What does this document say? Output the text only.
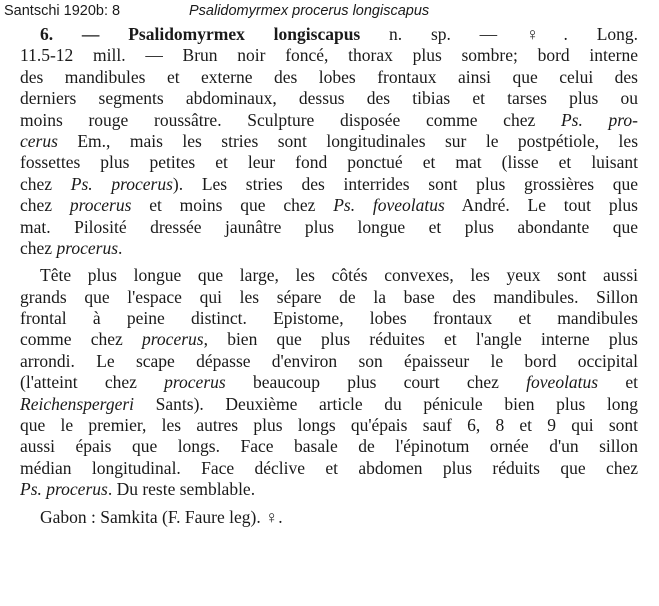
Santschi 1920b: 8	Psalidomyrmex procerus longiscapus
6. — Psalidomyrmex longiscapus n. sp. — ♀. Long.
11.5-12 mill. — Brun noir foncé, thorax plus sombre; bord interne
des mandibules et externe des lobes frontaux ainsi que celui des
derniers segments abdominaux, dessus des tibias et tarses plus ou
moins rouge roussâtre. Sculpture disposée comme chez Ps. pro-
cerus Em., mais les stries sont longitudinales sur le postpétiole, les
fossettes plus petites et leur fond ponctué et mat (lisse et luisant
chez Ps. procerus). Les stries des interrides sont plus grossières que
chez procerus et moins que chez Ps. foveolatus André. Le tout plus
mat. Pilosité dressée jaunâtre plus longue et plus abondante que
chez procerus.
Tête plus longue que large, les côtés convexes, les yeux sont aussi
grands que l'espace qui les sépare de la base des mandibules. Sillon
frontal à peine distinct. Epistome, lobes frontaux et mandibules
comme chez procerus, bien que plus réduites et l'angle interne plus
arrondi. Le scape dépasse d'environ son épaisseur le bord occipital
(l'atteint chez procerus beaucoup plus court chez foveolatus et
Reichenspergeri Sants). Deuxième article du pénicule bien plus long
que le premier, les autres plus longs qu'épais sauf 6, 8 et 9 qui sont
aussi épais que longs. Face basale de l'épinotum ornée d'un sillon
médian longitudinal. Face déclive et abdomen plus réduits que chez
Ps. procerus. Du reste semblable.
Gabon : Samkita (F. Faure leg). ♀.
